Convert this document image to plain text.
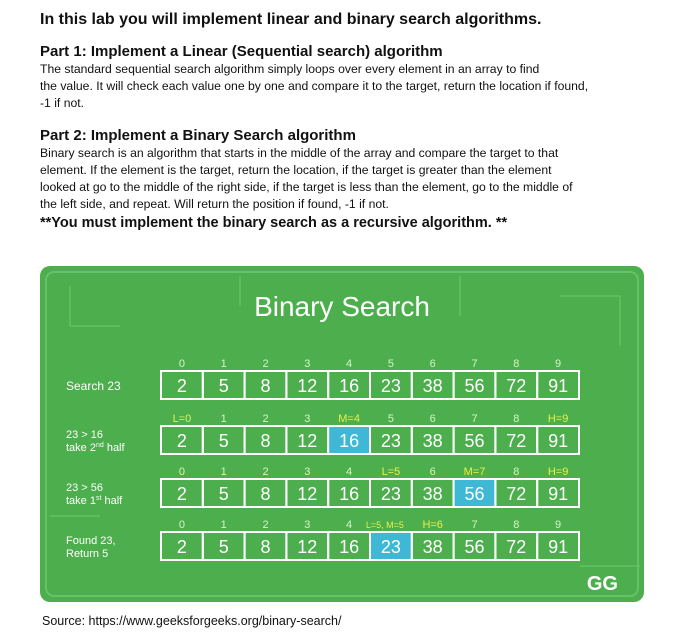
In this lab you will implement linear and binary search algorithms.

Part 1: Implement a Linear (Sequential search) algorithm

The standard sequential search algorithm simply loops over every element in an array to find

the value. It will check each value one by one and compare it to the target, return the location if found,

-1 if not.

Part 2: Implement a Binary Search algorithm

Binary search is an algorithm that starts in the middle of the array and compare the target to that

element. If the element is the target, return the location, if the target is greater than the element

looked at go to the middle of the right side, if the target is less than the element, go to the middle of

the left side, and repeat. Will return the position if found, -1 if not.

**You must implement the binary search as a recursive algorithm. **

Binary Search
Search 23
0	1	2	3	4	5	6	7	8	9
2 5 8 12 16 23 38 56 72 91
23 > 16
take 2nd half
L=0	1	2	3	M=4	5	6	7	8	H=9
2 5 8 12 16 23 38 56 72 91
23 > 56
take 1st half
0	1	2	3	4	L=5	6	M=7	8	H=9
2 5 8 12 16 23 38 56 72 91
Found 23,
Return 5
0	1	2	3	4 L=5, M=5 H=6	7	8	9
2 5 8 12 16 23 38 56 72 91
GG
Source: https://www.geeksforgeeks.org/binary-search/
